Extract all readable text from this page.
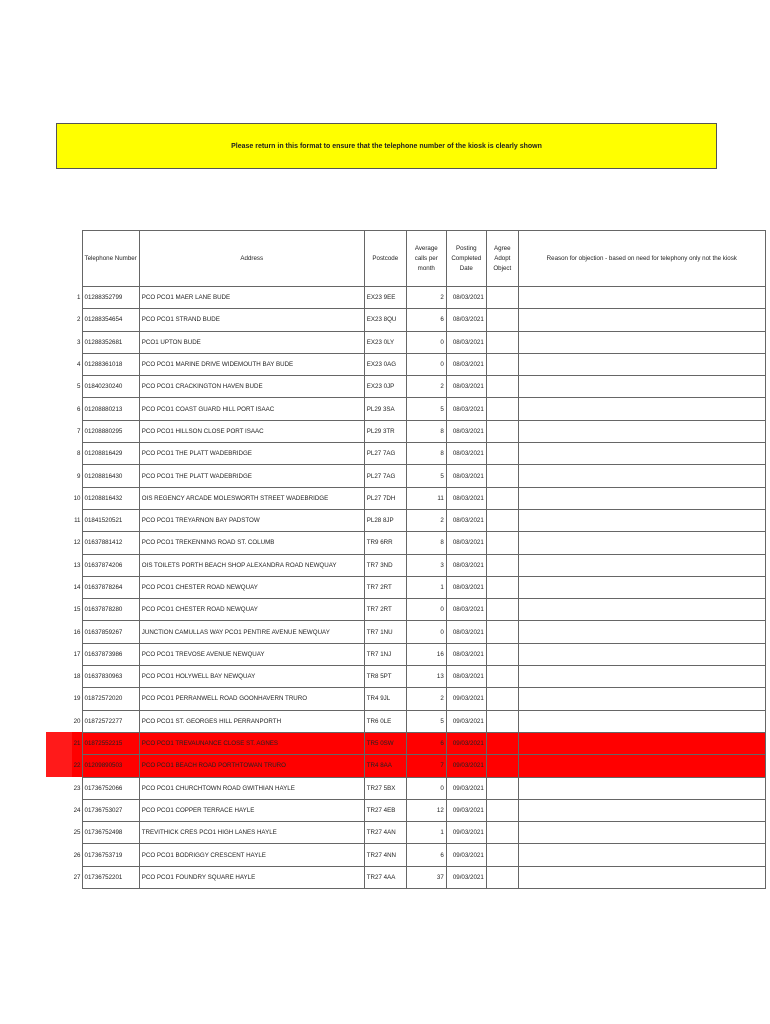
Please return in this format to ensure that the telephone number of the kiosk is clearly shown
	Telephone Number	Address	Postcode	Average calls per month	Posting Completed Date	Agree Adopt Object	Reason for objection - based on need for telephony only not the kiosk
1	01288352799	PCO PCO1 MAER LANE BUDE	EX23 9EE	2	08/03/2021		
2	01288354654	PCO PCO1 STRAND BUDE	EX23 8QU	6	08/03/2021		
3	01288352681	PCO1 UPTON BUDE	EX23 0LY	0	08/03/2021		
4	01288361018	PCO PCO1 MARINE DRIVE WIDEMOUTH BAY BUDE	EX23 0AG	0	08/03/2021		
5	01840230240	PCO PCO1 CRACKINGTON HAVEN BUDE	EX23 0JP	2	08/03/2021		
6	01208880213	PCO PCO1 COAST GUARD HILL PORT ISAAC	PL29 3SA	5	08/03/2021		
7	01208880295	PCO PCO1 HILLSON CLOSE PORT ISAAC	PL29 3TR	8	08/03/2021		
8	01208816429	PCO PCO1 THE PLATT WADEBRIDGE	PL27 7AG	8	08/03/2021		
9	01208816430	PCO PCO1 THE PLATT WADEBRIDGE	PL27 7AG	5	08/03/2021		
10	01208816432	OIS REGENCY ARCADE MOLESWORTH STREET WADEBRIDGE	PL27 7DH	11	08/03/2021		
11	01841520521	PCO PCO1 TREYARNON BAY PADSTOW	PL28 8JP	2	08/03/2021		
12	01637881412	PCO PCO1 TREKENNING ROAD ST. COLUMB	TR9 6RR	8	08/03/2021		
13	01637874206	OIS TOILETS PORTH BEACH SHOP ALEXANDRA ROAD NEWQUAY	TR7 3ND	3	08/03/2021		
14	01637878264	PCO PCO1 CHESTER ROAD NEWQUAY	TR7 2RT	1	08/03/2021		
15	01637878280	PCO PCO1 CHESTER ROAD NEWQUAY	TR7 2RT	0	08/03/2021		
16	01637859267	JUNCTION CAMULLAS WAY PCO1 PENTIRE AVENUE NEWQUAY	TR7 1NU	0	08/03/2021		
17	01637873986	PCO PCO1 TREVOSE AVENUE NEWQUAY	TR7 1NJ	16	08/03/2021		
18	01637830963	PCO PCO1 HOLYWELL BAY NEWQUAY	TR8 5PT	13	08/03/2021		
19	01872572020	PCO PCO1 PERRANWELL ROAD GOONHAVERN TRURO	TR4 9JL	2	09/03/2021		
20	01872572277	PCO PCO1 ST. GEORGES HILL PERRANPORTH	TR6 0LE	5	09/03/2021		
21	01872552215	PCO PCO1 TREVAUNANCE CLOSE ST. AGNES	TR5 0SW	6	09/03/2021		
22	01209890503	PCO PCO1 BEACH ROAD PORTHTOWAN TRURO	TR4 8AA	7	09/03/2021		
23	01736752066	PCO PCO1 CHURCHTOWN ROAD GWITHIAN HAYLE	TR27 5BX	0	09/03/2021		
24	01736753027	PCO PCO1 COPPER TERRACE HAYLE	TR27 4EB	12	09/03/2021		
25	01736752498	TREVITHICK CRES PCO1 HIGH LANES HAYLE	TR27 4AN	1	09/03/2021		
26	01736753719	PCO PCO1 BODRIGGY CRESCENT HAYLE	TR27 4NN	6	09/03/2021		
27	01736752201	PCO PCO1 FOUNDRY SQUARE HAYLE	TR27 4AA	37	09/03/2021		
